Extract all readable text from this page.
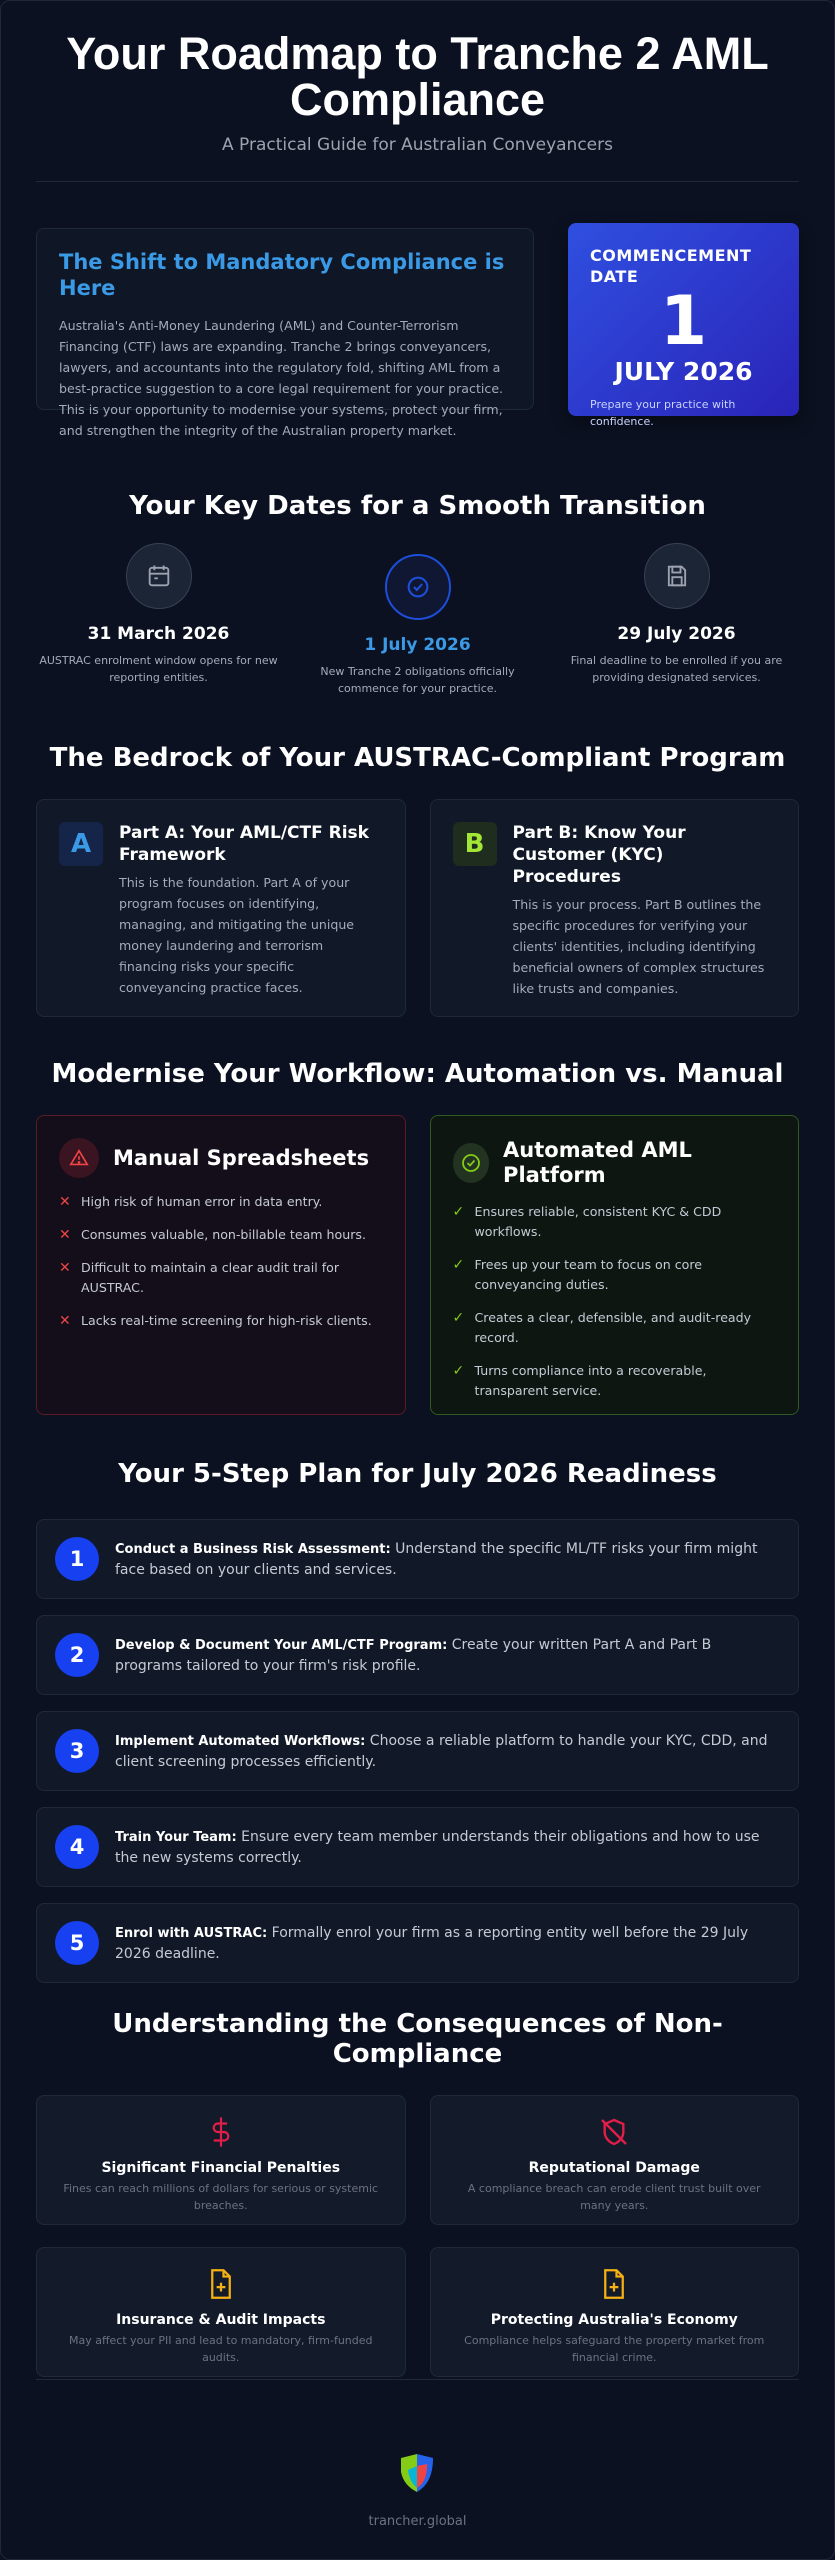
Your Roadmap to Tranche 2 AML Compliance
A Practical Guide for Australian Conveyancers
The Shift to Mandatory Compliance is Here

Australia's Anti-Money Laundering (AML) and Counter-Terrorism Financing (CTF) laws are expanding. Tranche 2 brings conveyancers, lawyers, and accountants into the regulatory fold, shifting AML from a best-practice suggestion to a core legal requirement for your practice. This is your opportunity to modernise your systems, protect your firm, and strengthen the integrity of the Australian property market.

COMMENCEMENT DATE
1
JULY 2026
Prepare your practice with confidence.
Your Key Dates for a Smooth Transition
31 March 2026
AUSTRAC enrolment window opens for new reporting entities.
1 July 2026
New Tranche 2 obligations officially commence for your practice.
29 July 2026
Final deadline to be enrolled if you are providing designated services.
The Bedrock of Your AUSTRAC-Compliant Program
A	Part A: Your AML/CTF Risk Framework

This is the foundation. Part A of your program focuses on identifying, managing, and mitigating the unique money laundering and terrorism financing risks your specific conveyancing practice faces.

B	Part B: Know Your Customer (KYC) Procedures

This is your process. Part B outlines the specific procedures for verifying your clients' identities, including identifying beneficial owners of complex structures like trusts and companies.

Modernise Your Workflow: Automation vs. Manual
Manual Spreadsheets
✕ High risk of human error in data entry.
✕ Consumes valuable, non-billable team hours.
✕ Difficult to maintain a clear audit trail for AUSTRAC.
✕ Lacks real-time screening for high-risk clients.
Automated AML Platform
✓ Ensures reliable, consistent KYC & CDD workflows.
✓ Frees up your team to focus on core conveyancing duties.
✓ Creates a clear, defensible, and audit-ready record.
✓ Turns compliance into a recoverable, transparent service.
Your 5-Step Plan for July 2026 Readiness
1	Conduct a Business Risk Assessment: Understand the specific ML/TF risks your firm might face based on your clients and services.
2	Develop & Document Your AML/CTF Program: Create your written Part A and Part B programs tailored to your firm's risk profile.
3	Implement Automated Workflows: Choose a reliable platform to handle your KYC, CDD, and client screening processes efficiently.
4	Train Your Team: Ensure every team member understands their obligations and how to use the new systems correctly.
5	Enrol with AUSTRAC: Formally enrol your firm as a reporting entity well before the 29 July 2026 deadline.
Understanding the Consequences of Non-Compliance
Significant Financial Penalties

Fines can reach millions of dollars for serious or systemic breaches.

Reputational Damage

A compliance breach can erode client trust built over many years.

Insurance & Audit Impacts

May affect your PII and lead to mandatory, firm-funded audits.

Protecting Australia's Economy

Compliance helps safeguard the property market from financial crime.

trancher.global
